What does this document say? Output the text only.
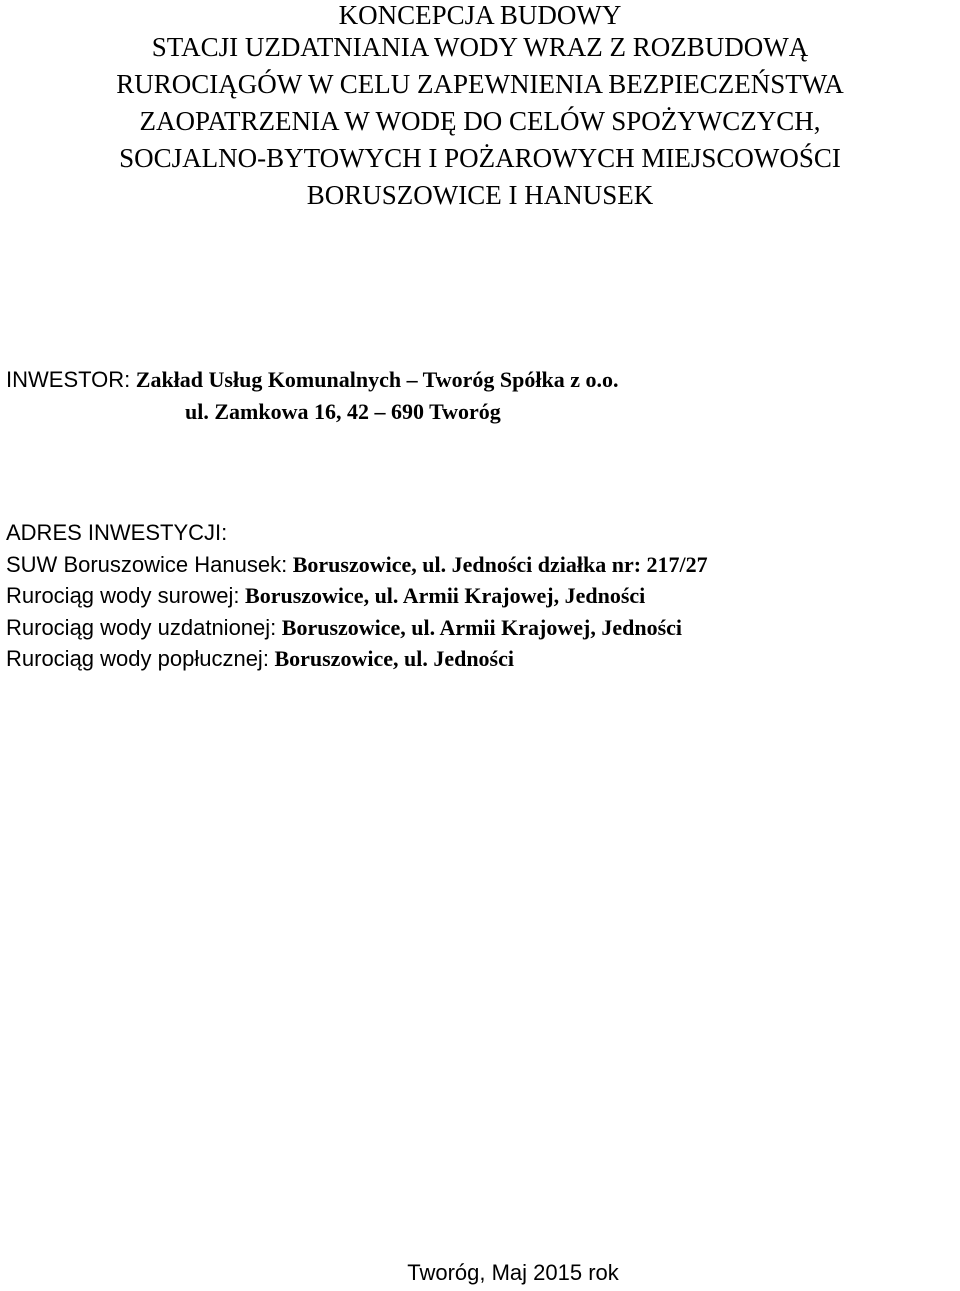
KONCEPCJA BUDOWY
STACJI UZDATNIANIA WODY WRAZ Z ROZBUDOWĄ
RUROCIĄGÓW W CELU ZAPEWNIENIA BEZPIECZEŃSTWA
ZAOPATRZENIA W WODĘ DO CELÓW SPOŻYWCZYCH,
SOCJALNO-BYTOWYCH I POŻAROWYCH MIEJSCOWOŚCI
BORUSZOWICE I HANUSEK
INWESTOR: Zakład Usług Komunalnych – Tworóg Spółka z o.o.
ul. Zamkowa 16, 42 – 690 Tworóg
ADRES INWESTYCJI:
SUW Boruszowice Hanusek: Boruszowice, ul. Jedności działka nr: 217/27
Rurociąg wody surowej: Boruszowice, ul. Armii Krajowej, Jedności
Rurociąg wody uzdatnionej: Boruszowice, ul. Armii Krajowej, Jedności
Rurociąg wody popłucznej: Boruszowice, ul. Jedności
Tworóg, Maj 2015 rok
